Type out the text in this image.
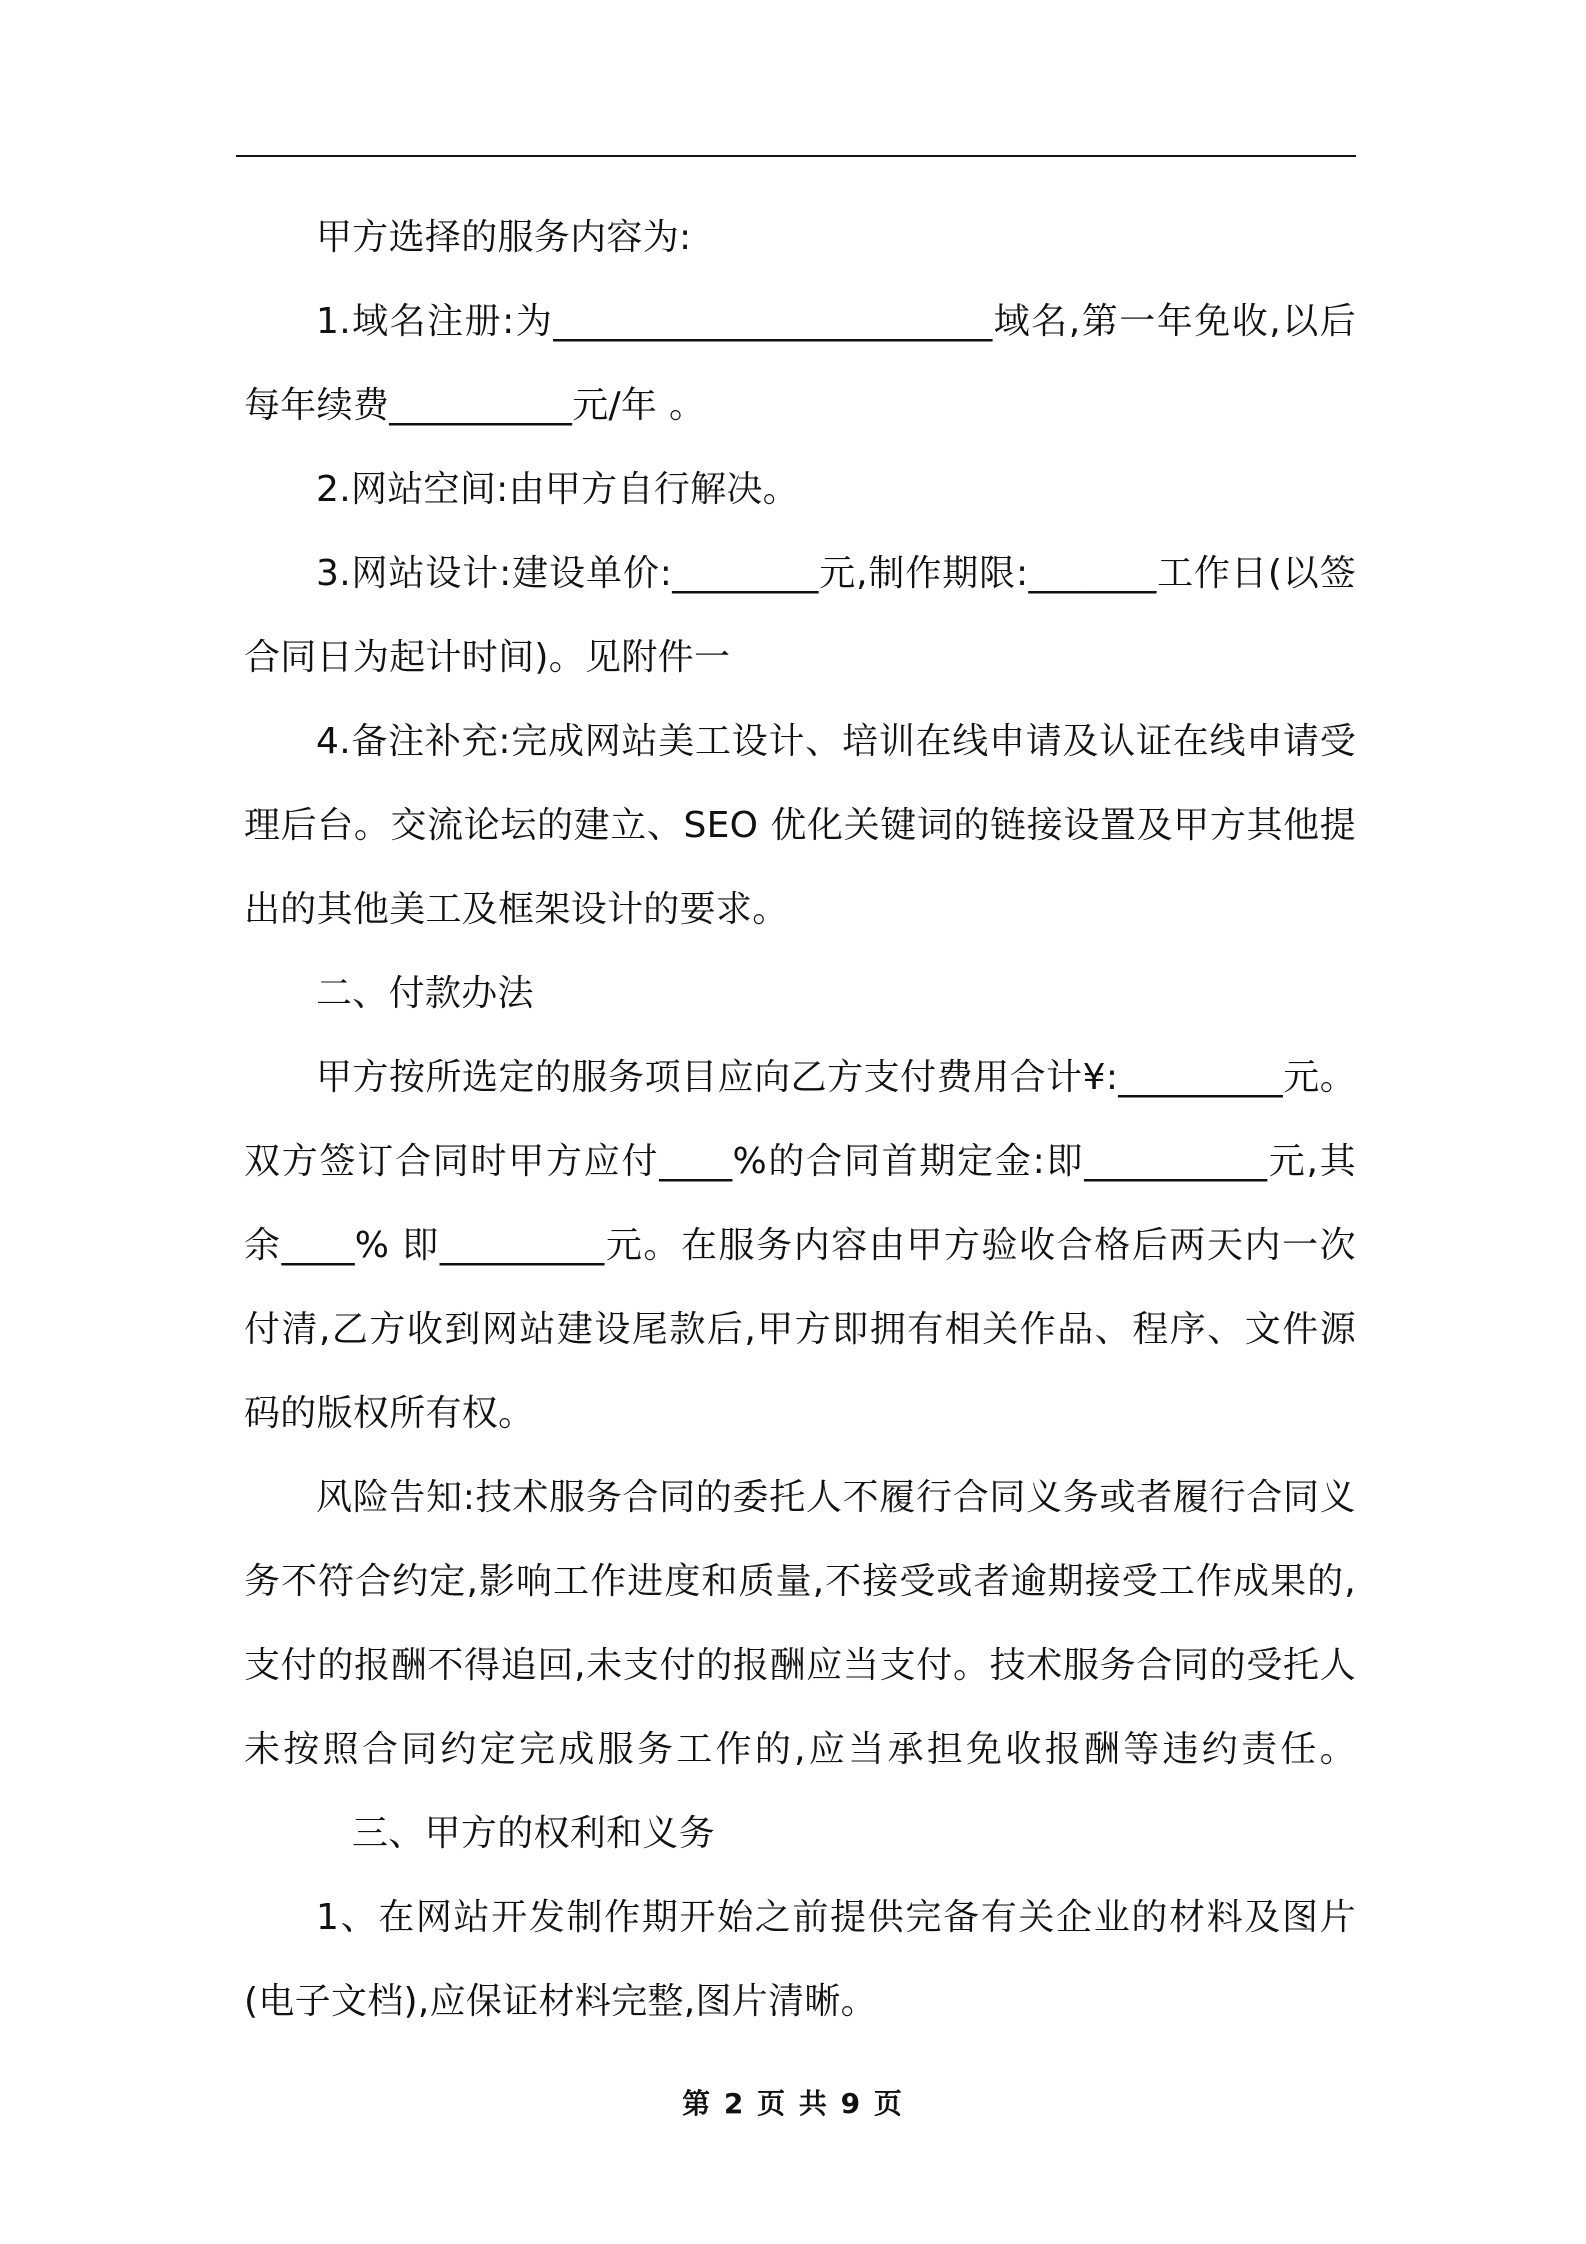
甲方选择的服务内容为:

1.域名注册:为________________________域名,第一年免收,以后每年续费__________元/年 。

2.网站空间:由甲方自行解决。

3.网站设计:建设单价:________元,制作期限:_______工作日(以签合同日为起计时间)。见附件一

4.备注补充:完成网站美工设计、培训在线申请及认证在线申请受理后台。交流论坛的建立、SEO 优化关键词的链接设置及甲方其他提出的其他美工及框架设计的要求。

二、付款办法

甲方按所选定的服务项目应向乙方支付费用合计¥:_________元。双方签订合同时甲方应付____%的合同首期定金:即__________元,其余____% 即_________元。在服务内容由甲方验收合格后两天内一次付清,乙方收到网站建设尾款后,甲方即拥有相关作品、程序、文件源码的版权所有权。

风险告知:技术服务合同的委托人不履行合同义务或者履行合同义务不符合约定,影响工作进度和质量,不接受或者逾期接受工作成果的,支付的报酬不得追回,未支付的报酬应当支付。技术服务合同的受托人未按照合同约定完成服务工作的,应当承担免收报酬等违约责任。三、甲方的权利和义务

1、在网站开发制作期开始之前提供完备有关企业的材料及图片(电子文档),应保证材料完整,图片清晰。

第 2 页 共 9 页
